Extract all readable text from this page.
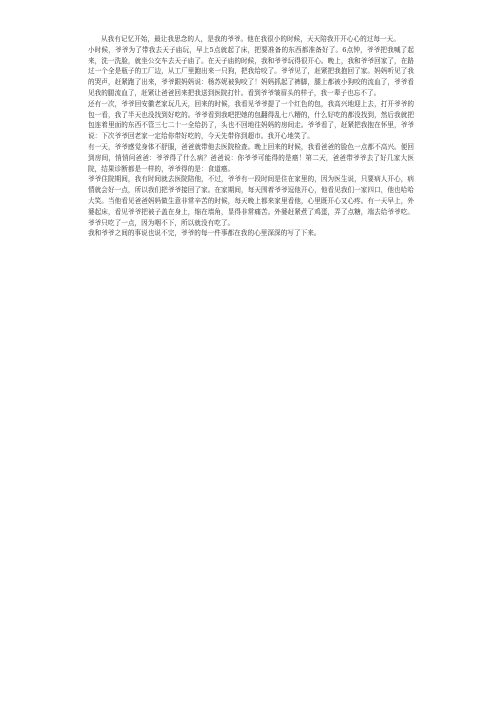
从我有记忆开始，最让我思念的人，是我的爷爷。他在我很小的时候，天天陪我开开心心的过每一天。

小时候，爷爷为了带我去天子庙玩，早上5点就起了床，把要准备的东西都准备好了。6点钟，爷爷把我喊了起来，洗一洗脸，就坐公交车去天子庙了。在天子庙的时候，我和爷爷玩得很开心。晚上，我和爷爷回家了，在路过一个全是瓶子的工厂边，从工厂里跑出来一只狗，把我给咬了。爷爷见了，赶紧把我抱回了家。妈妈听见了我的哭声，赶紧跑了出来，爷爷跟妈妈说：杨苏妮被狗咬了！妈妈抓起了裤脚，腿上都被小狗咬的流血了，爷爷看见我的腿流血了，赶紧让爸爸回来把我送到医院打针。看到爷爷皱眉头的样子，我一辈子也忘不了。

还有一次，爷爷回安徽老家玩几天，回来的时候，我看见爷爷提了一个红色的包，我高兴地迎上去，打开爷爷的包一看，我了半天也没找到好吃的。爷爷看到我吧把她的包翻得乱七八糟的，什么好吃的都没找到，然后我就把包连着里面的东西不管三七二十一全给扔了，头也不回地往妈妈的房间走。爷爷看了，赶紧把我抱在怀里，爷爷说：下次爷爷回老家一定给你带好吃的，今天先带你到超市。我开心地笑了。

有一天，爷爷感觉身体不舒服，爸爸就带他去医院检查。晚上回来的时候，我看爸爸的脸色一点都不高兴。便回到房间，悄悄问爸爸：爷爷得了什么病？爸爸说：你爷爷可能得的是癌！第二天，爸爸带爷爷去了好几家大医院，结果诊断都是一样的，爷爷得的是：食道癌。

爷爷住院期间，我有时间就去医院陪他，不过，爷爷有一段时间是住在家里的，因为医生说，只要病人开心，病情就会好一点，所以我们把爷爷接回了家。在家期间，每天围着爷爷逗他开心，他看见我们一家四口，他也哈哈大笑。当他看见爸爸妈妈做生意非常辛苦的时候，每天晚上都来家里看他，心里既开心又心疼。有一天早上，外婆起床，看见爷爷把被子盖在身上，缩在墙角，显得非常痛苦。外婆赶紧煮了鸡蛋，弄了点糖，端去给爷爷吃。爷爷只吃了一点，因为咽不下，所以就没有吃了。

我和爷爷之间的事说也说不完，爷爷的每一件事都在我的心里深深的写了下来。
